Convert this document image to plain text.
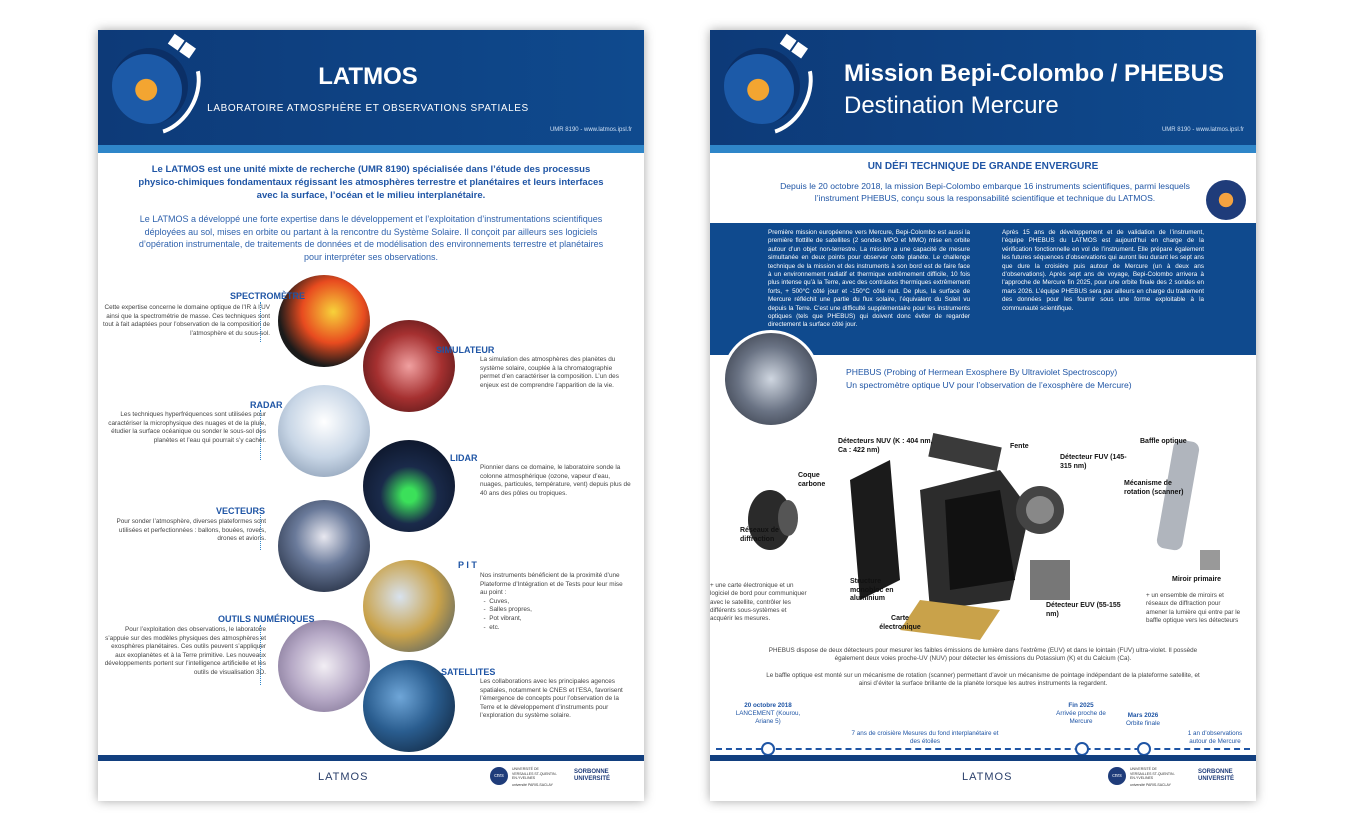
LATMOS
LABORATOIRE ATMOSPHÈRE ET OBSERVATIONS SPATIALES
UMR 8190 - www.latmos.ipsl.fr
Le LATMOS est une unité mixte de recherche (UMR 8190) spécialisée dans l’étude des processus physico-chimiques fondamentaux régissant les atmosphères terrestre et planétaires et leurs interfaces avec la surface, l’océan et le milieu interplanétaire.
Le LATMOS a développé une forte expertise dans le développement et l’exploitation d’instrumentations scientifiques déployées au sol, mises en orbite ou partant à la rencontre du Système Solaire. Il conçoit par ailleurs ses logiciels d’opération instrumentale, de traitements de données et de modélisation des environnements terrestre et planétaires pour interpréter ses observations.
SPECTROMÈTRE
Cette expertise concerne le domaine optique de l’IR à l’UV ainsi que la spectrométrie de masse. Ces techniques sont tout à fait adaptées pour l’observation de la composition de l’atmosphère et du sous-sol.
SIMULATEUR
La simulation des atmosphères des planètes du système solaire, couplée à la chromatographie permet d’en caractériser la composition. L’un des enjeux est de comprendre l’apparition de la vie.
RADAR
Les techniques hyperfréquences sont utilisées pour caractériser la microphysique des nuages et de la pluie, étudier la surface océanique ou sonder le sous-sol des planètes et l’eau qui pourrait s’y cacher.
LIDAR
Pionnier dans ce domaine, le laboratoire sonde la colonne atmosphérique (ozone, vapeur d’eau, nuages, particules, température, vent) depuis plus de 40 ans des pôles ou tropiques.
VECTEURS
Pour sonder l’atmosphère, diverses plateformes sont utilisées et perfectionnées : ballons, bouées, rovers, drones et avions.
P I T
Nos instruments bénéficient de la proximité d’une Plateforme d’Intégration et de Tests pour leur mise au point :
-  Cuves,
-  Salles propres,
-  Pot vibrant,
-  etc.
OUTILS NUMÉRIQUES
Pour l’exploitation des observations, le laboratoire s’appuie sur des modèles physiques des atmosphères et exosphères planétaires. Ces outils peuvent s’appliquer aux exoplanètes et à la Terre primitive. Les nouveaux développements portent sur l’intelligence artificielle et les outils de visualisation 3D.	SATELLITES
Les collaborations avec les principales agences spatiales, notamment le CNES et l’ESA, favorisent l’émergence de concepts pour l’observation de la Terre et le développement d’instruments pour l’exploration du système solaire.
LATMOS	cnrs
UNIVERSITÉ DE VERSAILLES ST-QUENTIN-EN-YVELINES
université PARIS-SACLAY
SORBONNE UNIVERSITÉ
Mission Bepi-Colombo / PHEBUS
Destination Mercure
UMR 8190 - www.latmos.ipsl.fr
UN DÉFI TECHNIQUE DE GRANDE ENVERGURE
Depuis le 20 octobre 2018, la mission Bepi-Colombo embarque 16 instruments scientifiques, parmi lesquels l’instrument PHEBUS, conçu sous la responsabilité scientifique et technique du LATMOS.
Première mission européenne vers Mercure, Bepi-Colombo est aussi la première flottille de satellites (2 sondes MPO et MMO) mise en orbite autour d’un objet non-terrestre. La mission a une capacité de mesure simultanée en deux points pour observer cette planète. Le challenge technique de la mission et des instruments à son bord est de faire face à un environnement radiatif et thermique extrêmement difficile, 10 fois plus intense qu’à la Terre, avec des contrastes thermiques extrêmement forts, + 500°C côté jour et -150°C côté nuit. De plus, la surface de Mercure réfléchit une partie du flux solaire, l’équivalent du Soleil vu depuis la Terre. C’est une difficulté supplémentaire pour les instruments optiques (tels que PHEBUS) qui doivent donc éviter de regarder directement la surface côté jour.
Après 15 ans de développement et de validation de l’instrument, l’équipe PHEBUS du LATMOS est aujourd’hui en charge de la vérification fonctionnelle en vol de l’instrument. Elle prépare également les futures séquences d’observations qui auront lieu durant les sept ans que dure la croisière puis autour de Mercure (un à deux ans d’observations). Après sept ans de voyage, Bepi-Colombo arrivera à l’approche de Mercure fin 2025, pour une orbite finale des 2 sondes en mars 2026. L’équipe PHEBUS sera par ailleurs en charge du traitement des données pour les fournir sous une forme exploitable à la communauté scientifique.
PHEBUS (Probing of Hermean Exosphere By Ultraviolet Spectroscopy)
Un spectromètre optique UV pour l’observation de l’exosphère de Mercure)
Détecteurs NUV (K : 404 nm, Ca : 422 nm)	Fente
Détecteur FUV (145-315 nm)
Baffle optique
Coque carbone	Mécanisme de rotation (scanner)
Réseaux de diffraction
Structure monobloc en aluminium
Miroir primaire
Détecteur EUV (55-155 nm)
Carte électronique
+ une carte électronique et un logiciel de bord pour communiquer avec le satellite, contrôler les différents sous-systèmes et acquérir les mesures.
+ un ensemble de miroirs et réseaux de diffraction pour amener la lumière qui entre par le baffle optique vers les détecteurs
PHEBUS dispose de deux détecteurs pour mesurer les faibles émissions de lumière dans l’extrême (EUV) et dans le lointain (FUV) ultra-violet. Il possède également deux voies proche-UV (NUV) pour détecter les émissions du Potassium (K) et du Calcium (Ca).
Le baffle optique est monté sur un mécanisme de rotation (scanner) permettant d’avoir un mécanisme de pointage indépendant de la plateforme satellite, et ainsi d’éviter la surface brillante de la planète lorsque les autres instruments la regardent.
20 octobre 2018
LANCEMENT (Kourou, Ariane 5)
7 ans de croisière Mesures du fond interplanétaire et des étoiles
Fin 2025
Arrivée proche de Mercure
Mars 2026
Orbite finale
1 an d’observations autour de Mercure
LATMOS	cnrs
UNIVERSITÉ DE VERSAILLES ST-QUENTIN-EN-YVELINES
université PARIS-SACLAY
SORBONNE UNIVERSITÉ
